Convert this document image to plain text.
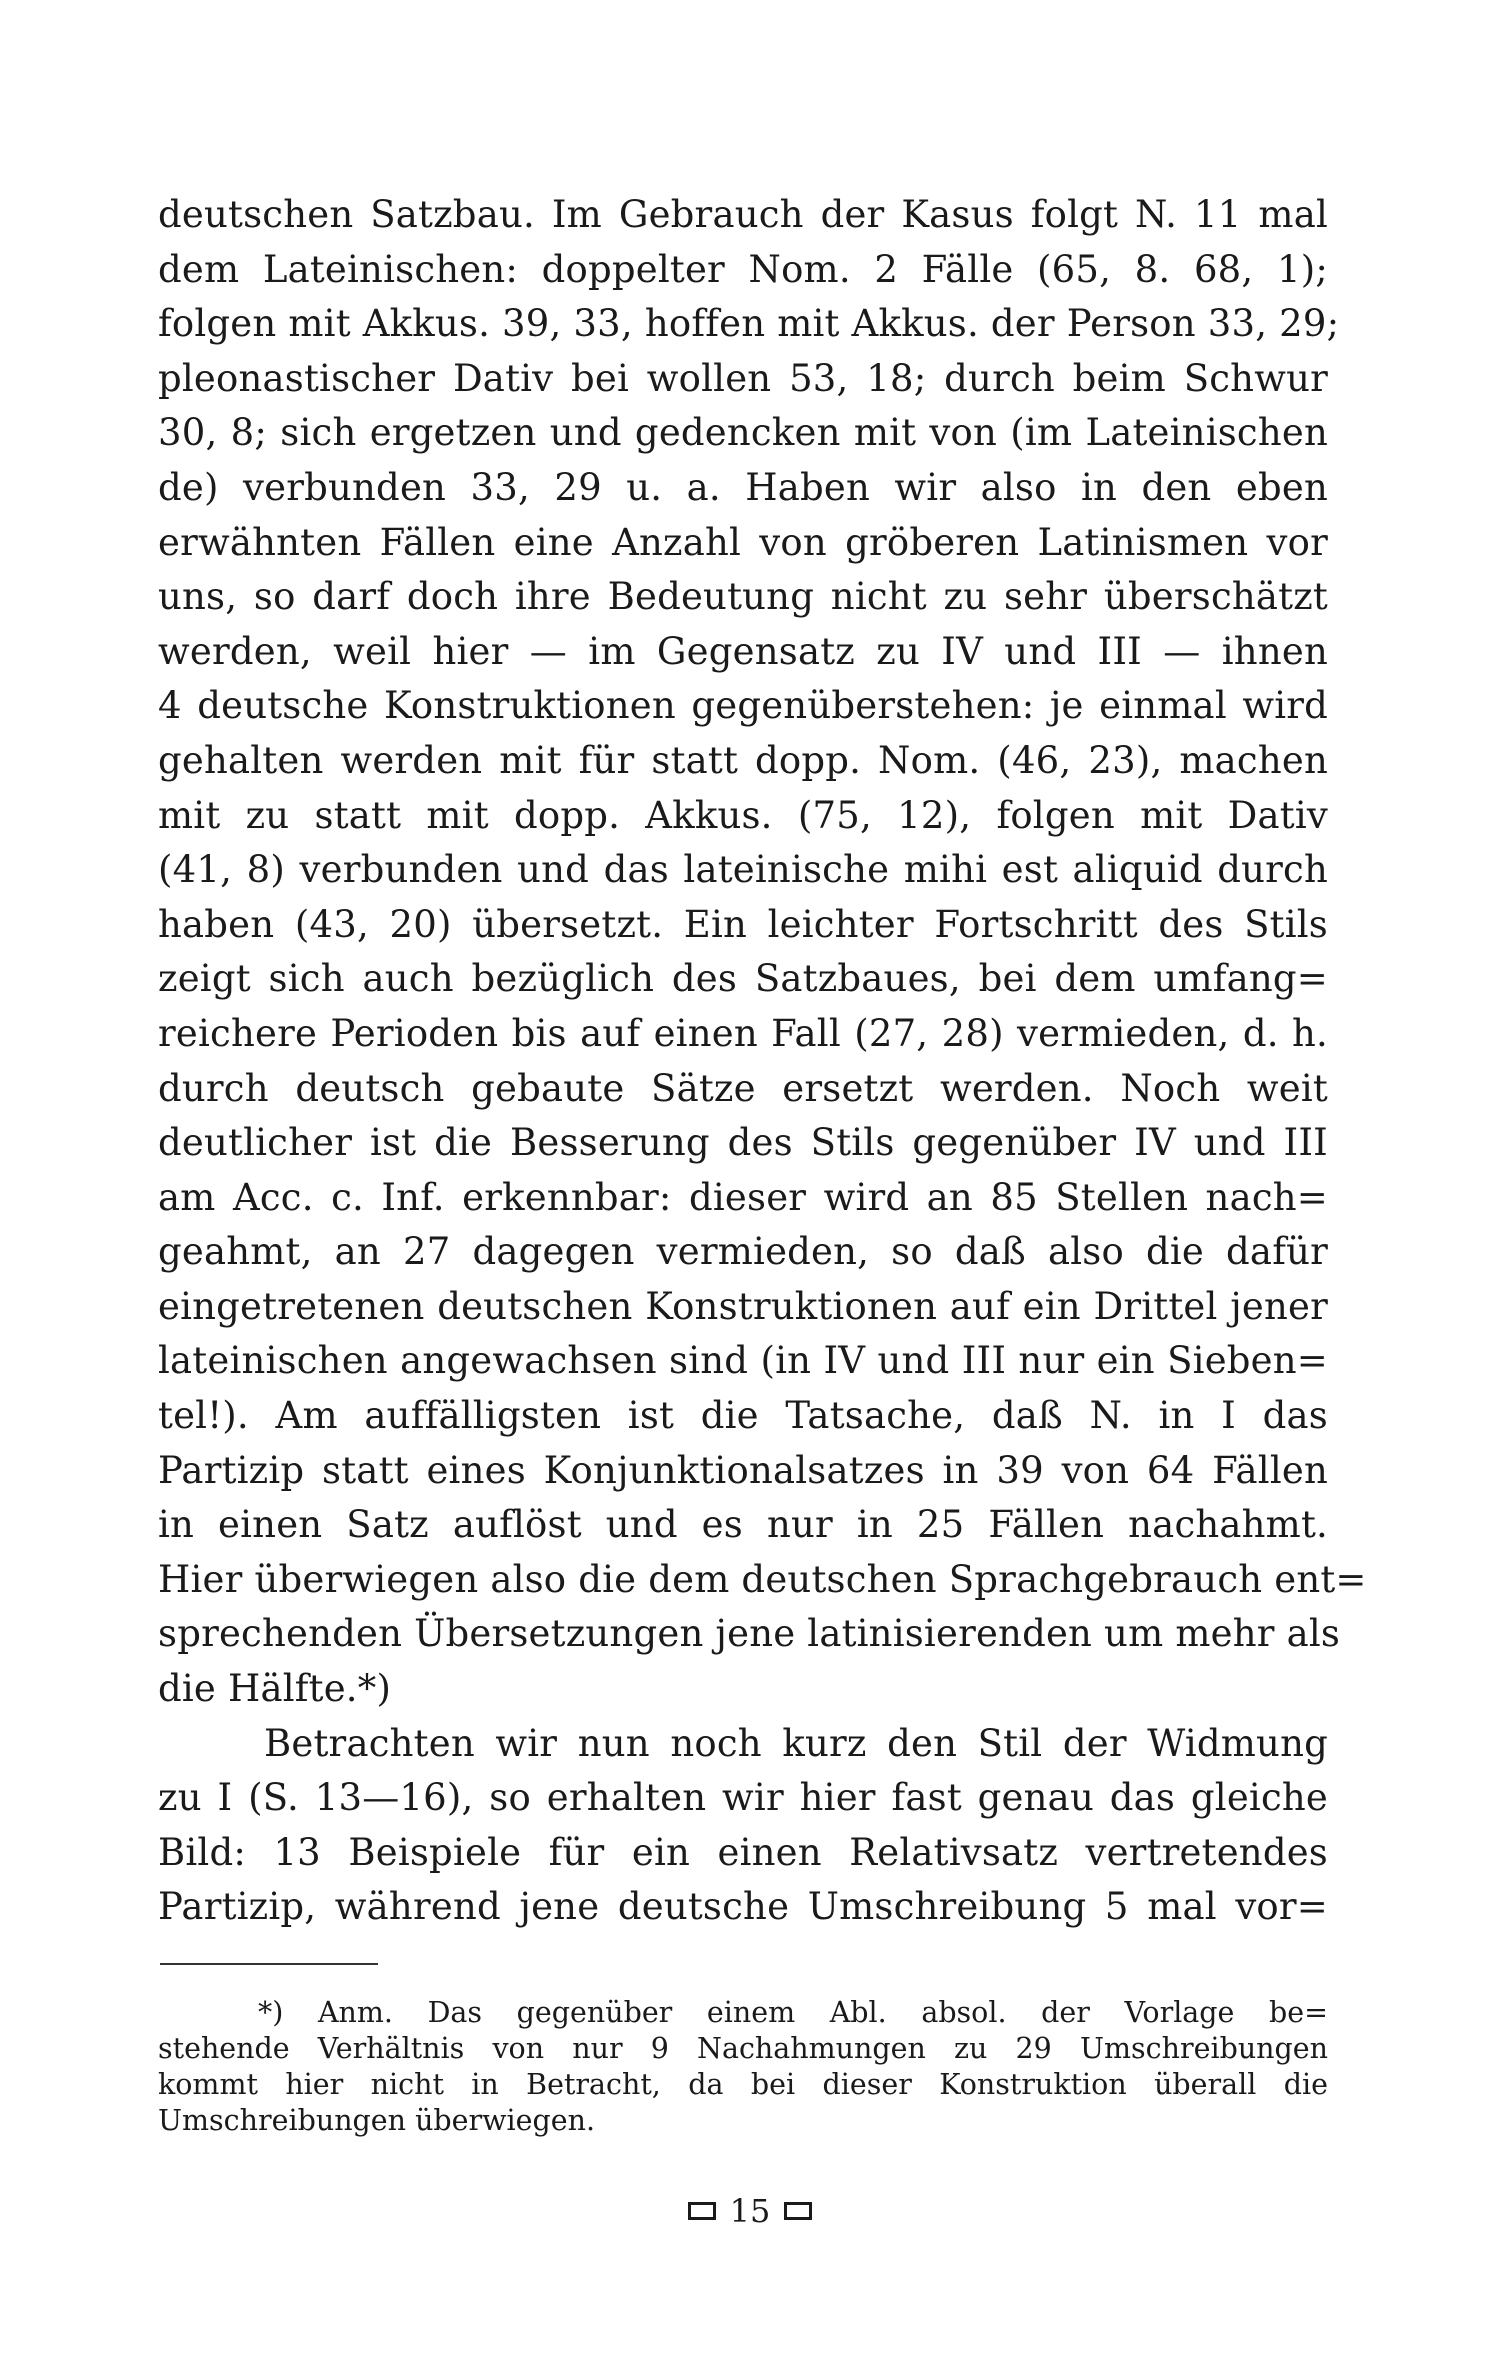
deutschen Satzbau. Im Gebrauch der Kasus folgt N. 11 mal
dem Lateinischen: doppelter Nom. 2 Fälle (65, 8. 68, 1);
folgen mit Akkus. 39, 33, hoffen mit Akkus. der Person 33, 29;
pleonastischer Dativ bei wollen 53, 18; durch beim Schwur
30, 8; sich ergetzen und gedencken mit von (im Lateinischen
de) verbunden 33, 29 u. a. Haben wir also in den eben
erwähnten Fällen eine Anzahl von gröberen Latinismen vor
uns, so darf doch ihre Bedeutung nicht zu sehr überschätzt
werden, weil hier — im Gegensatz zu IV und III — ihnen
4 deutsche Konstruktionen gegenüberstehen: je einmal wird
gehalten werden mit für statt dopp. Nom. (46, 23), machen
mit zu statt mit dopp. Akkus. (75, 12), folgen mit Dativ
(41, 8) verbunden und das lateinische mihi est aliquid durch
haben (43, 20) übersetzt. Ein leichter Fortschritt des Stils
zeigt sich auch bezüglich des Satzbaues, bei dem umfang=
reichere Perioden bis auf einen Fall (27, 28) vermieden, d. h.
durch deutsch gebaute Sätze ersetzt werden. Noch weit
deutlicher ist die Besserung des Stils gegenüber IV und III
am Acc. c. Inf. erkennbar: dieser wird an 85 Stellen nach=
geahmt, an 27 dagegen vermieden, so daß also die dafür
eingetretenen deutschen Konstruktionen auf ein Drittel jener
lateinischen angewachsen sind (in IV und III nur ein Sieben=
tel!). Am auffälligsten ist die Tatsache, daß N. in I das
Partizip statt eines Konjunktionalsatzes in 39 von 64 Fällen
in einen Satz auflöst und es nur in 25 Fällen nachahmt.
Hier überwiegen also die dem deutschen Sprachgebrauch ent=
sprechenden Übersetzungen jene latinisierenden um mehr als
die Hälfte.*)
Betrachten wir nun noch kurz den Stil der Widmung
zu I (S. 13—16), so erhalten wir hier fast genau das gleiche
Bild: 13 Beispiele für ein einen Relativsatz vertretendes
Partizip, während jene deutsche Umschreibung 5 mal vor=
*) Anm. Das gegenüber einem Abl. absol. der Vorlage be=
stehende Verhältnis von nur 9 Nachahmungen zu 29 Umschreibungen
kommt hier nicht in Betracht, da bei dieser Konstruktion überall die
Umschreibungen überwiegen.
15
